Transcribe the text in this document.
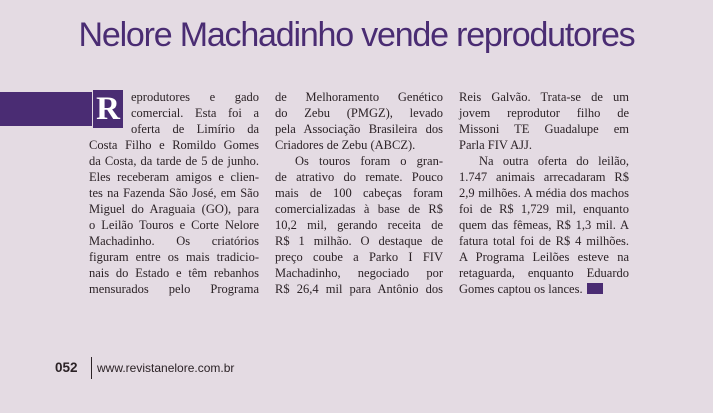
Nelore Machadinho vende reprodutores
R eprodutores e gado
comercial. Esta foi a
oferta de Limírio da
Costa Filho e Romildo Gomes
da Costa, da tarde de 5 de junho.
Eles receberam amigos e clien-
tes na Fazenda São José, em São
Miguel do Araguaia (GO), para
o Leilão Touros e Corte Nelore
Machadinho. Os criatórios
figuram entre os mais tradicio-
nais do Estado e têm rebanhos
mensurados pelo Programa
de Melhoramento Genético
do Zebu (PMGZ), levado
pela Associação Brasileira dos
Criadores de Zebu (ABCZ).
Os touros foram o gran-
de atrativo do remate. Pouco
mais de 100 cabeças foram
comercializadas à base de R$
10,2 mil, gerando receita de
R$ 1 milhão. O destaque de
preço coube a Parko I FIV
Machadinho, negociado por
R$ 26,4 mil para Antônio dos
Reis Galvão. Trata-se de um
jovem reprodutor filho de
Missoni TE Guadalupe em
Parla FIV AJJ.
Na outra oferta do leilão,
1.747 animais arrecadaram R$
2,9 milhões. A média dos machos
foi de R$ 1,729 mil, enquanto
quem das fêmeas, R$ 1,3 mil. A
fatura total foi de R$ 4 milhões.
A Programa Leilões esteve na
retaguarda, enquanto Eduardo
Gomes captou os lances.
052 www.revistanelore.com.br
